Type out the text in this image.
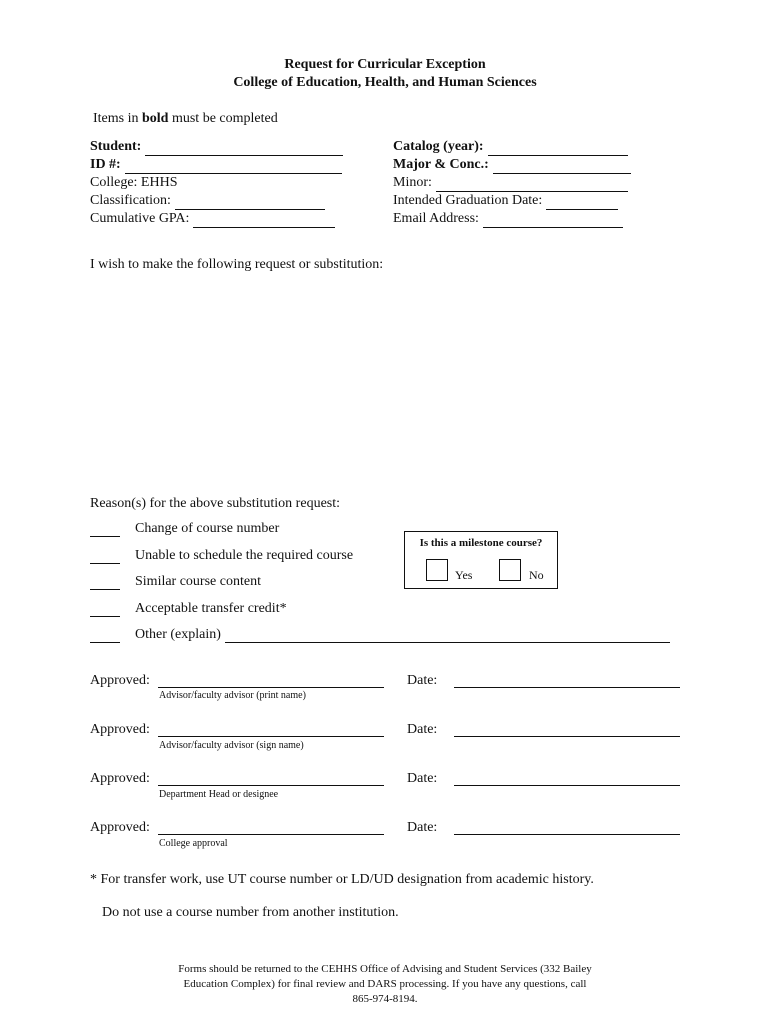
Request for Curricular Exception
College of Education, Health, and Human Sciences
Items in bold must be completed
Student:
ID #:
College: EHHS
Classification:
Cumulative GPA:
Catalog (year):
Major & Conc.:
Minor:
Intended Graduation Date:
Email Address:
I wish to make the following request or substitution:
Reason(s) for the above substitution request:
Change of course number
Unable to schedule the required course
Similar course content
Acceptable transfer credit*
Other (explain)
Is this a milestone course?
Yes	No
Approved:
Advisor/faculty advisor (print name)
Date:
Approved:
Advisor/faculty advisor (sign name)
Date:
Approved:
Department Head or designee
Date:
Approved:
College approval
Date:
* For transfer work, use UT course number or LD/UD designation from academic history.
Do not use a course number from another institution.
Forms should be returned to the CEHHS Office of Advising and Student Services (332 Bailey
Education Complex) for final review and DARS processing. If you have any questions, call
865-974-8194.
